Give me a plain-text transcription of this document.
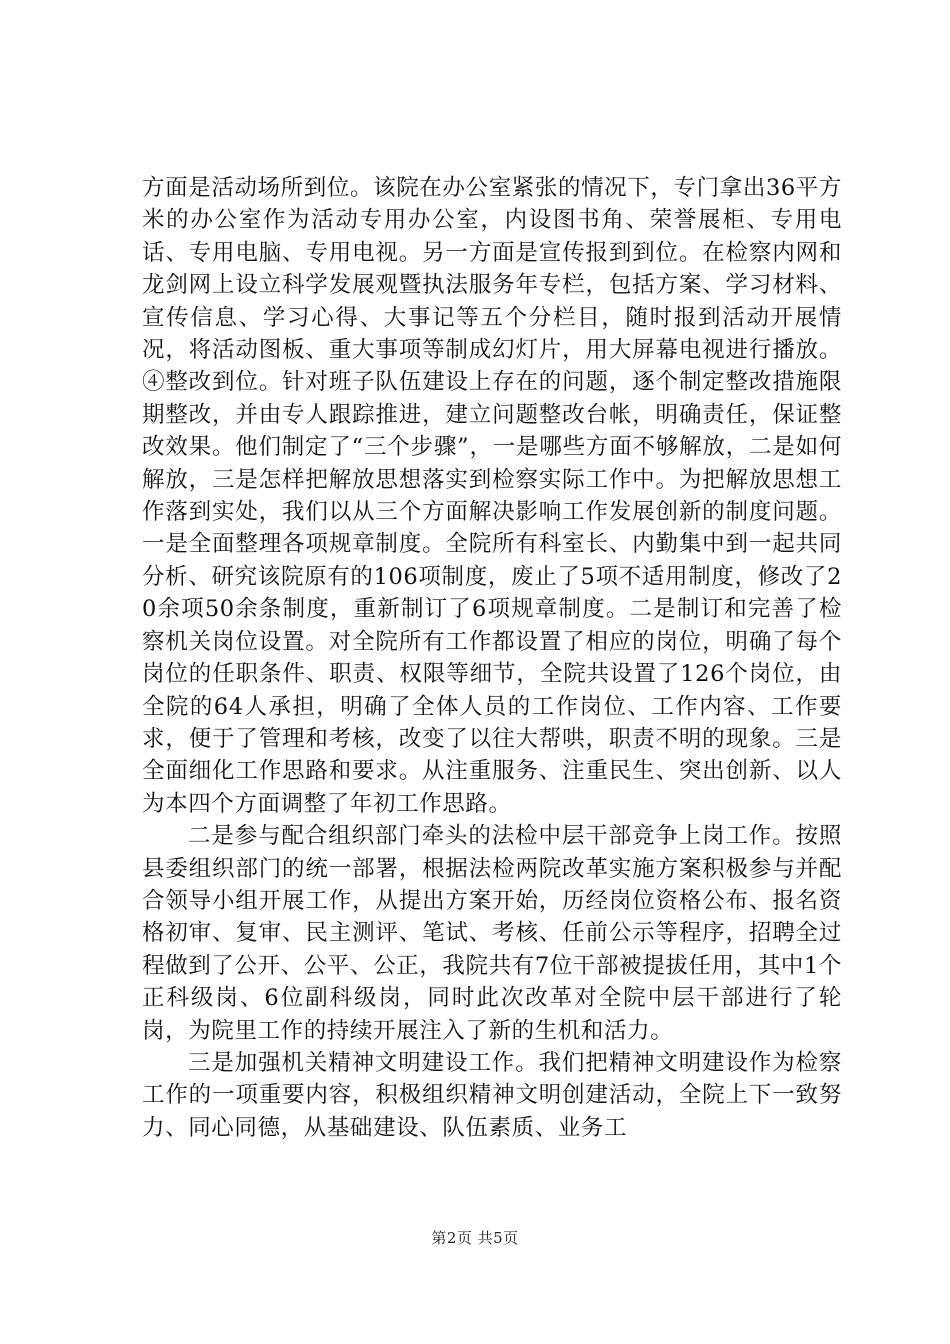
方面是活动场所到位。该院在办公室紧张的情况下，专门拿出36平方米的办公室作为活动专用办公室，内设图书角、荣誉展柜、专用电话、专用电脑、专用电视。另一方面是宣传报到到位。在检察内网和龙剑网上设立科学发展观暨执法服务年专栏，包括方案、学习材料、宣传信息、学习心得、大事记等五个分栏目，随时报到活动开展情况，将活动图板、重大事项等制成幻灯片，用大屏幕电视进行播放。④整改到位。针对班子队伍建设上存在的问题，逐个制定整改措施限期整改，并由专人跟踪推进，建立问题整改台帐，明确责任，保证整改效果。他们制定了“三个步骤”，一是哪些方面不够解放，二是如何解放，三是怎样把解放思想落实到检察实际工作中。为把解放思想工作落到实处，我们以从三个方面解决影响工作发展创新的制度问题。一是全面整理各项规章制度。全院所有科室长、内勤集中到一起共同分析、研究该院原有的106项制度，废止了5项不适用制度，修改了20余项50余条制度，重新制订了6项规章制度。二是制订和完善了检察机关岗位设置。对全院所有工作都设置了相应的岗位，明确了每个岗位的任职条件、职责、权限等细节，全院共设置了126个岗位，由全院的64人承担，明确了全体人员的工作岗位、工作内容、工作要求，便于了管理和考核，改变了以往大帮哄，职责不明的现象。三是全面细化工作思路和要求。从注重服务、注重民生、突出创新、以人为本四个方面调整了年初工作思路。

二是参与配合组织部门牵头的法检中层干部竞争上岗工作。按照县委组织部门的统一部署，根据法检两院改革实施方案积极参与并配合领导小组开展工作，从提出方案开始，历经岗位资格公布、报名资格初审、复审、民主测评、笔试、考核、任前公示等程序，招聘全过程做到了公开、公平、公正，我院共有7位干部被提拔任用，其中1个正科级岗、6位副科级岗，同时此次改革对全院中层干部进行了轮岗，为院里工作的持续开展注入了新的生机和活力。

三是加强机关精神文明建设工作。我们把精神文明建设作为检察工作的一项重要内容，积极组织精神文明创建活动，全院上下一致努力、同心同德，从基础建设、队伍素质、业务工

第2页 共5页
